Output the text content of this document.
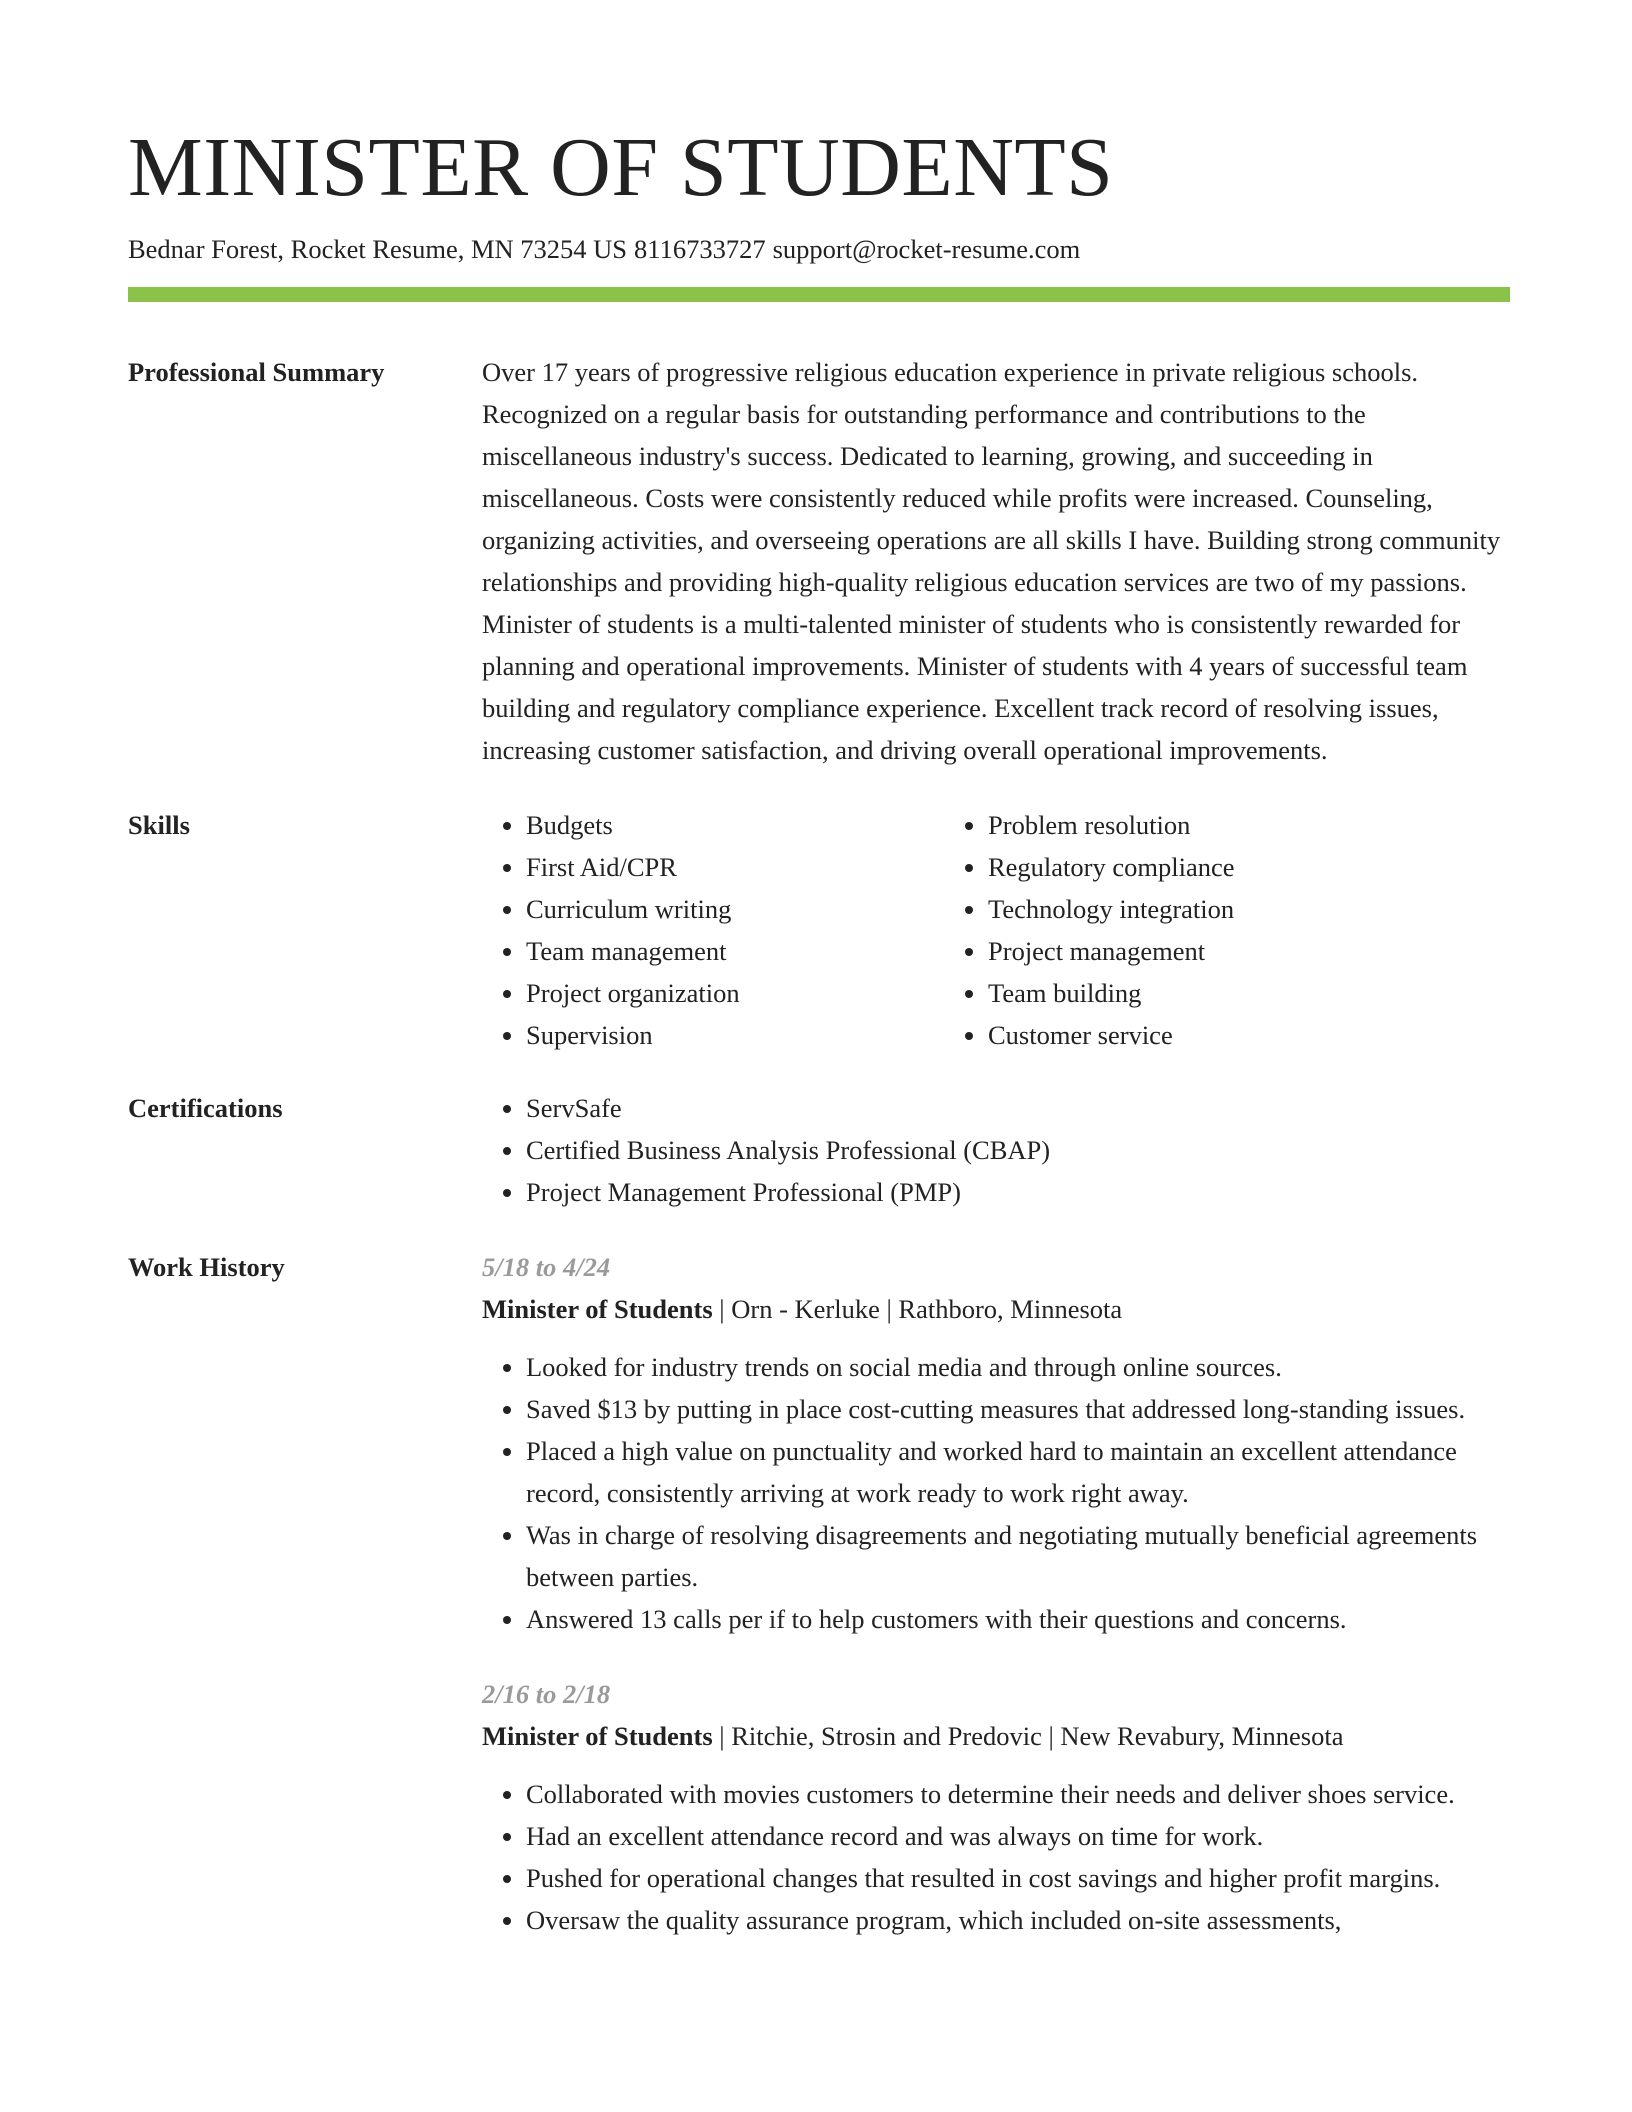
MINISTER OF STUDENTS
Bednar Forest, Rocket Resume, MN 73254 US 8116733727 support@rocket-resume.com
Professional Summary	Over 17 years of progressive religious education experience in private religious schools. Recognized on a regular basis for outstanding performance and contributions to the miscellaneous industry's success. Dedicated to learning, growing, and succeeding in miscellaneous. Costs were consistently reduced while profits were increased. Counseling, organizing activities, and overseeing operations are all skills I have. Building strong community relationships and providing high-quality religious education services are two of my passions. Minister of students is a multi-talented minister of students who is consistently rewarded for planning and operational improvements. Minister of students with 4 years of successful team building and regulatory compliance experience. Excellent track record of resolving issues, increasing customer satisfaction, and driving overall operational improvements.

Skills	• Budgets
• First Aid/CPR
• Curriculum writing
• Team management
• Project organization
• Supervision
• Problem resolution
• Regulatory compliance
• Technology integration
• Project management
• Team building
• Customer service
Certifications	• ServSafe
• Certified Business Analysis Professional (CBAP)
• Project Management Professional (PMP)
Work History	5/18 to 4/24
Minister of Students | Orn - Kerluke | Rathboro, Minnesota
• Looked for industry trends on social media and through online sources.
• Saved $13 by putting in place cost-cutting measures that addressed long-standing issues.
• Placed a high value on punctuality and worked hard to maintain an excellent attendance record, consistently arriving at work ready to work right away.
• Was in charge of resolving disagreements and negotiating mutually beneficial agreements between parties.
• Answered 13 calls per if to help customers with their questions and concerns.
2/16 to 2/18
Minister of Students | Ritchie, Strosin and Predovic | New Revabury, Minnesota
• Collaborated with movies customers to determine their needs and deliver shoes service.
• Had an excellent attendance record and was always on time for work.
• Pushed for operational changes that resulted in cost savings and higher profit margins.
• Oversaw the quality assurance program, which included on-site assessments,
